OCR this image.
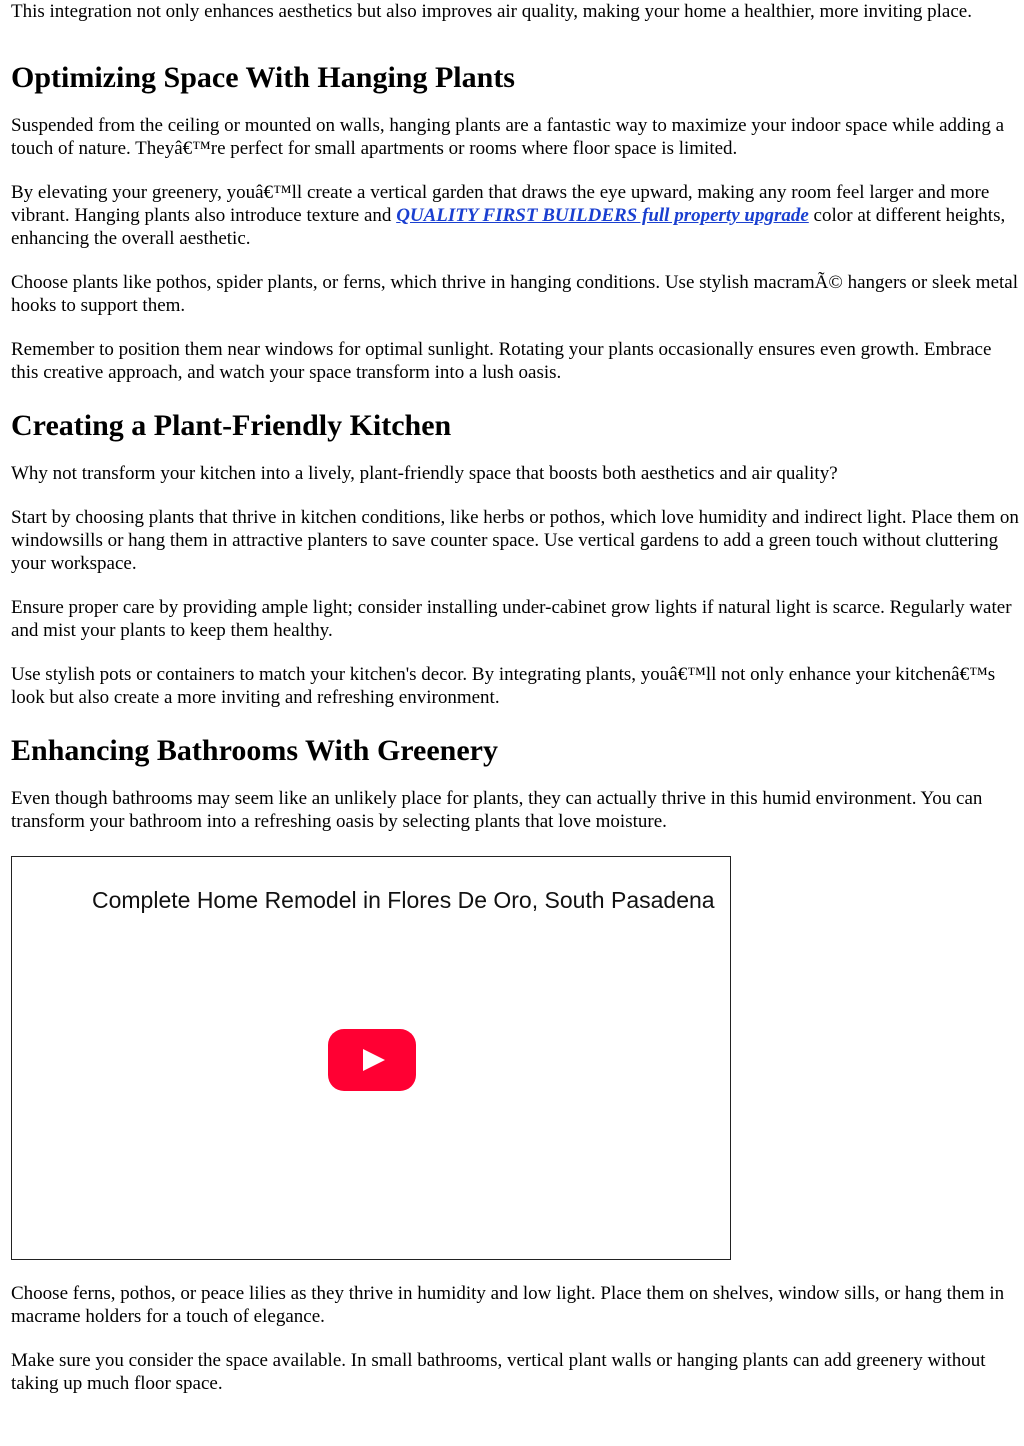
This integration not only enhances aesthetics but also improves air quality, making your home a healthier, more inviting place.

Optimizing Space With Hanging Plants

Suspended from the ceiling or mounted on walls, hanging plants are a fantastic way to maximize your indoor space while adding a touch of nature. Theyâ€™re perfect for small apartments or rooms where floor space is limited.

By elevating your greenery, youâ€™ll create a vertical garden that draws the eye upward, making any room feel larger and more vibrant. Hanging plants also introduce texture and QUALITY FIRST BUILDERS full property upgrade color at different heights, enhancing the overall aesthetic.

Choose plants like pothos, spider plants, or ferns, which thrive in hanging conditions. Use stylish macramÃ© hangers or sleek metal hooks to support them.

Remember to position them near windows for optimal sunlight. Rotating your plants occasionally ensures even growth. Embrace this creative approach, and watch your space transform into a lush oasis.

Creating a Plant-Friendly Kitchen

Why not transform your kitchen into a lively, plant-friendly space that boosts both aesthetics and air quality?

Start by choosing plants that thrive in kitchen conditions, like herbs or pothos, which love humidity and indirect light. Place them on windowsills or hang them in attractive planters to save counter space. Use vertical gardens to add a green touch without cluttering your workspace.

Ensure proper care by providing ample light; consider installing under-cabinet grow lights if natural light is scarce. Regularly water and mist your plants to keep them healthy.

Use stylish pots or containers to match your kitchen's decor. By integrating plants, youâ€™ll not only enhance your kitchenâ€™s look but also create a more inviting and refreshing environment.

Enhancing Bathrooms With Greenery

Even though bathrooms may seem like an unlikely place for plants, they can actually thrive in this humid environment. You can transform your bathroom into a refreshing oasis by selecting plants that love moisture.

Complete Home Remodel in Flores De Oro, South Pasadena

Choose ferns, pothos, or peace lilies as they thrive in humidity and low light. Place them on shelves, window sills, or hang them in macrame holders for a touch of elegance.

Make sure you consider the space available. In small bathrooms, vertical plant walls or hanging plants can add greenery without taking up much floor space.
